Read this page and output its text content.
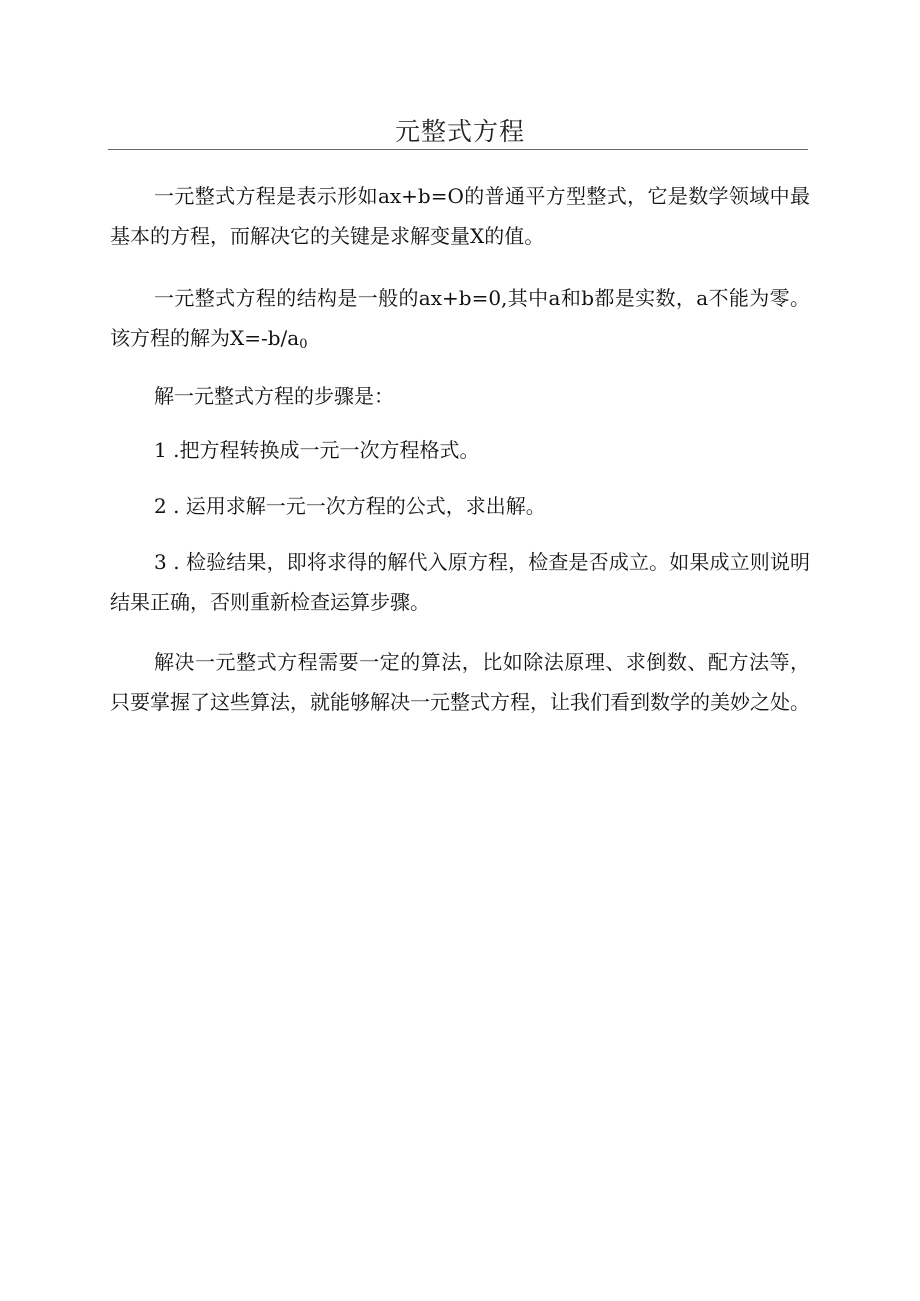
元整式方程

一元整式方程是表示形如ax+b=O的普通平方型整式，它是数学领域中最基本的方程，而解决它的关键是求解变量X的值。

一元整式方程的结构是一般的ax+b=0,其中a和b都是实数，a不能为零。该方程的解为$X=-b∕a_0$

解一元整式方程的步骤是：

1 .把方程转换成一元一次方程格式。

2 . 运用求解一元一次方程的公式，求出解。

3 . 检验结果，即将求得的解代入原方程，检查是否成立。如果成立则说明结果正确，否则重新检查运算步骤。

解决一元整式方程需要一定的算法，比如除法原理、求倒数、配方法等，只要掌握了这些算法，就能够解决一元整式方程，让我们看到数学的美妙之处。
